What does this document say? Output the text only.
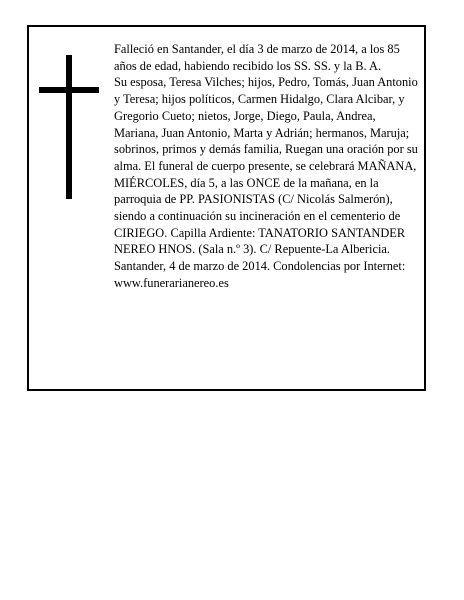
Falleció en Santander, el día 3 de marzo de 2014, a los 85 años de edad, habiendo recibido los SS. SS. y la B. A.

Su esposa, Teresa Vilches; hijos, Pedro, Tomás, Juan Antonio y Teresa; hijos políticos, Carmen Hidalgo, Clara Alcibar, y Gregorio Cueto; nietos, Jorge, Diego, Paula, Andrea, Mariana, Juan Antonio, Marta y Adrián; hermanos, Maruja; sobrinos, primos y demás familia, Ruegan una oración por su alma. El funeral de cuerpo presente, se celebrará MAÑANA, MIÉRCOLES, día 5, a las ONCE de la mañana, en la parroquia de PP. PASIONISTAS (C/ Nicolás Salmerón), siendo a continuación su incineración en el cementerio de CIRIEGO. Capilla Ardiente: TANATORIO SANTANDER NEREO HNOS. (Sala n.º 3). C/ Repuente-La Albericia.

Santander, 4 de marzo de 2014. Condolencias por Internet: www.funerarianereo.es
